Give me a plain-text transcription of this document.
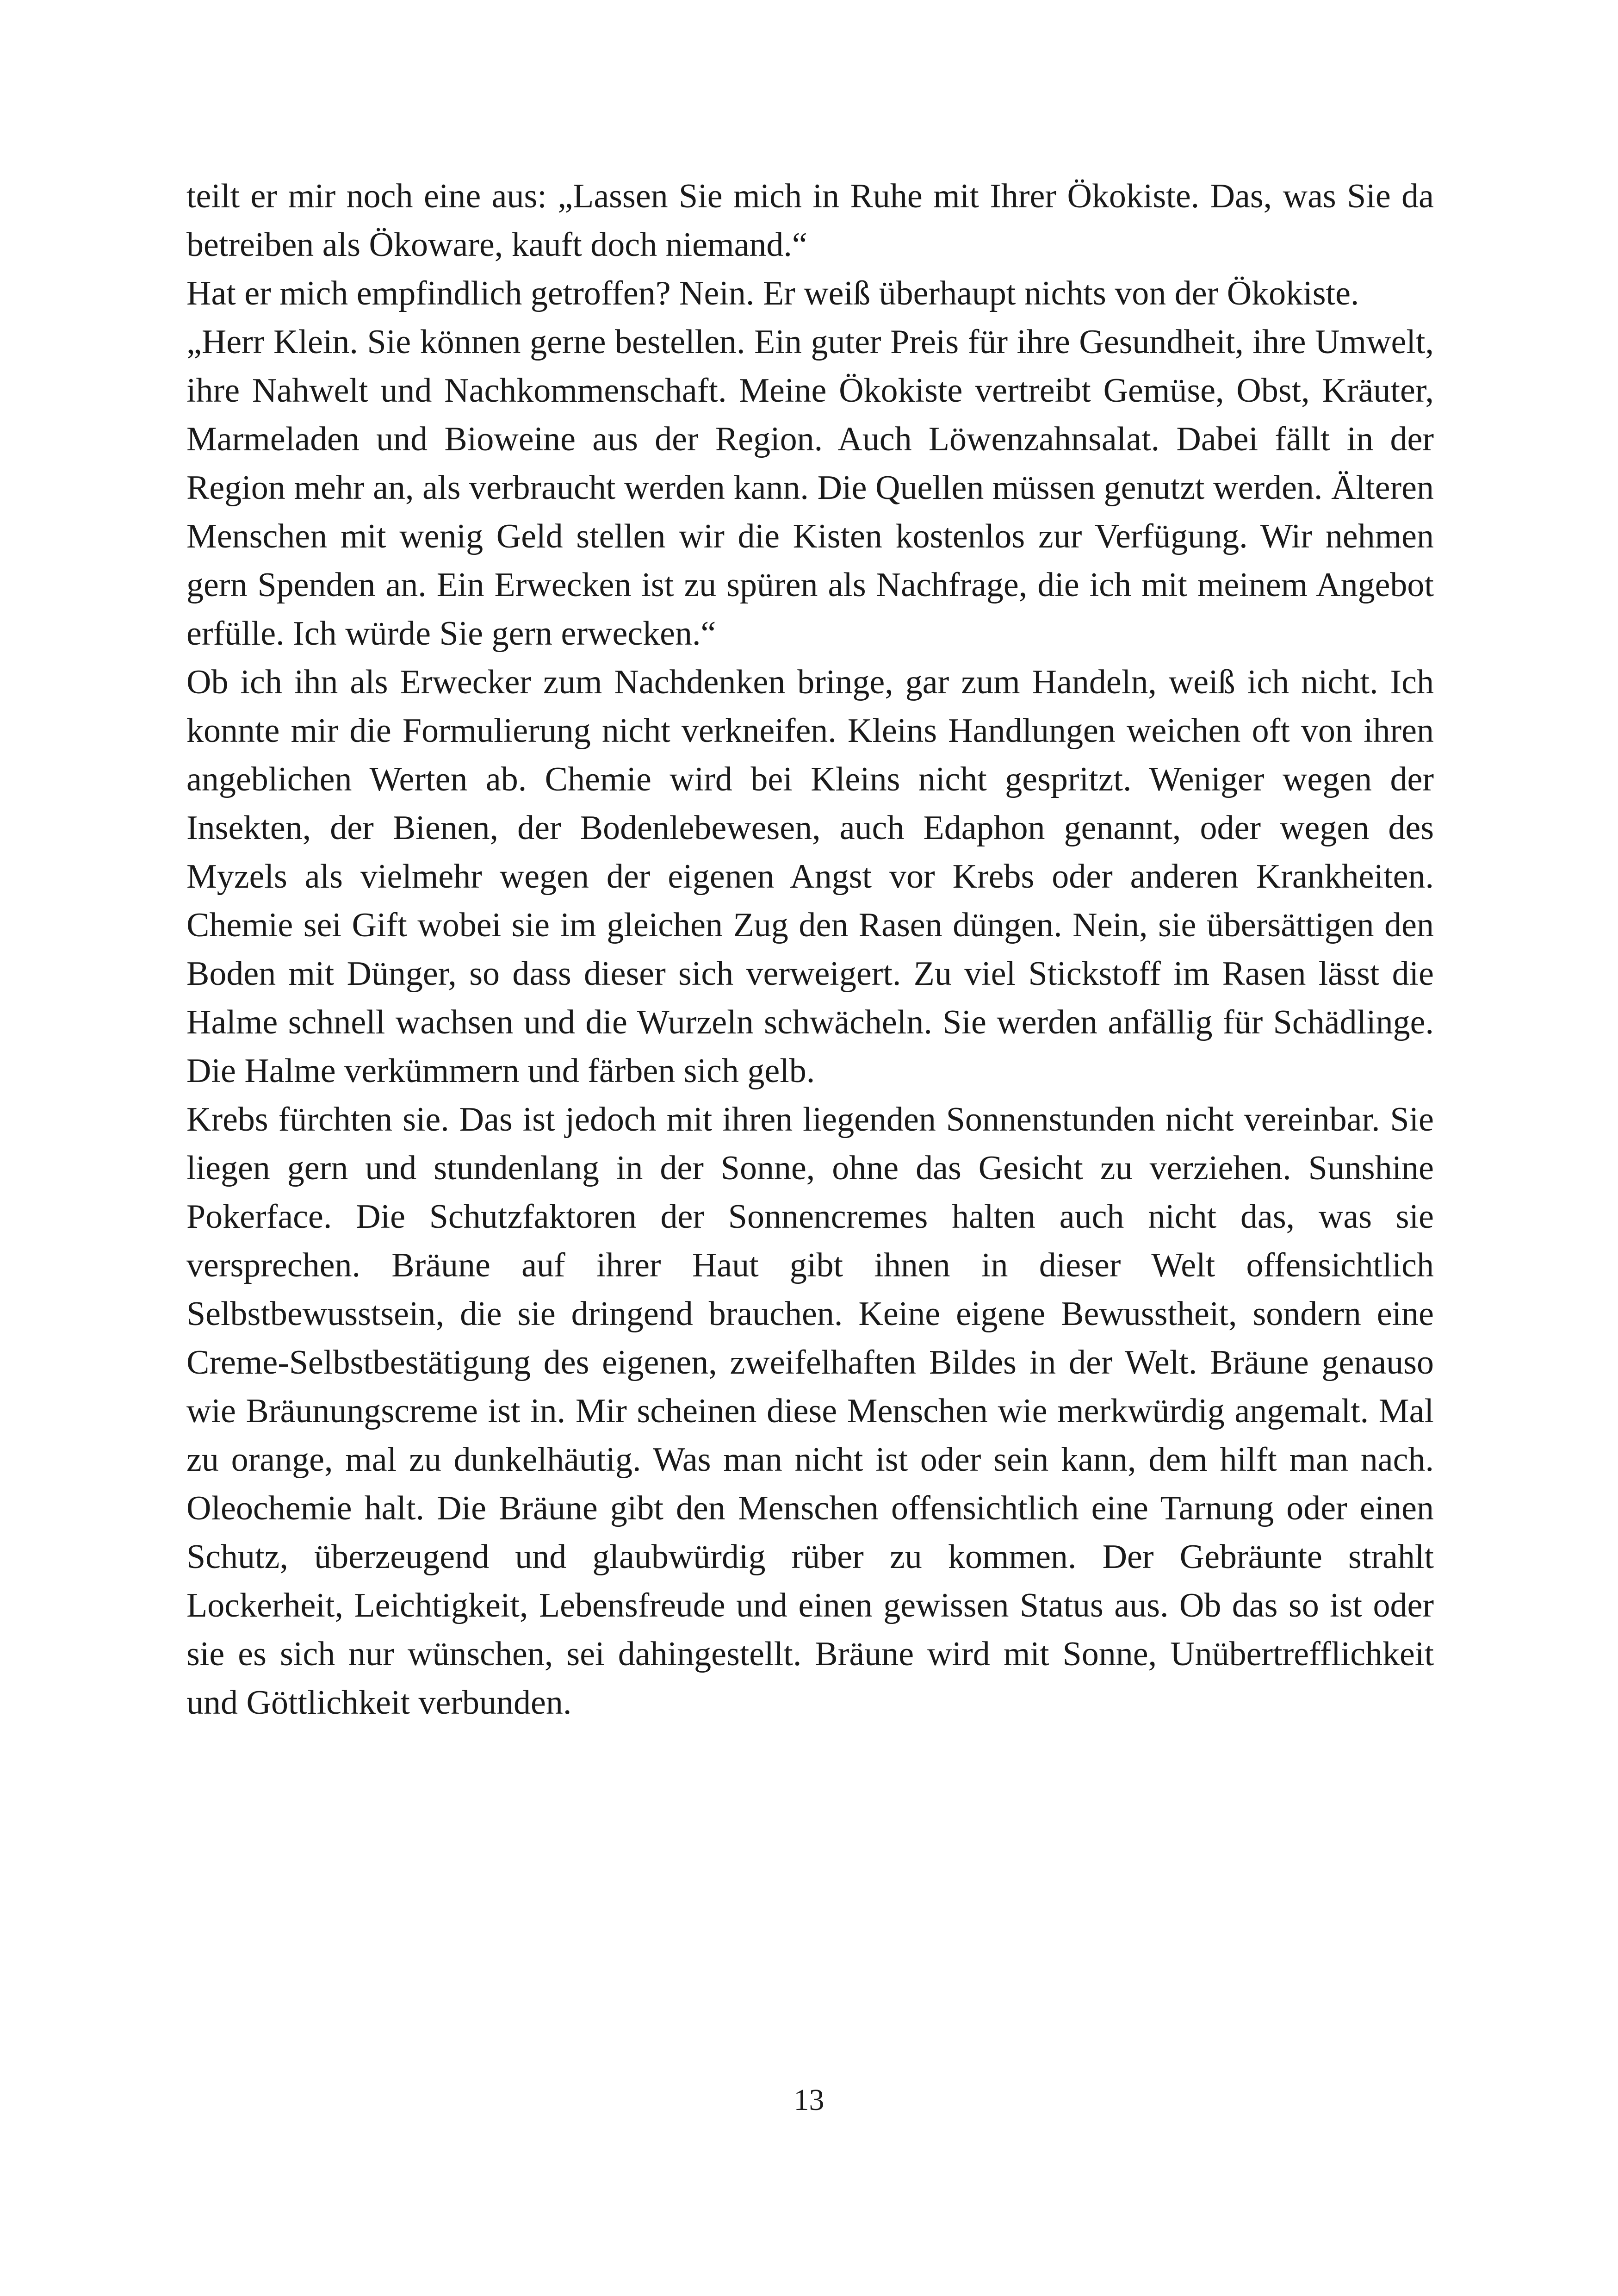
teilt er mir noch eine aus: „Lassen Sie mich in Ruhe mit Ihrer Ökokiste. Das, was Sie da betreiben als Ökoware, kauft doch niemand.“

Hat er mich empfindlich getroffen? Nein. Er weiß überhaupt nichts von der Ökokiste.

„Herr Klein. Sie können gerne bestellen. Ein guter Preis für ihre Gesundheit, ihre Umwelt, ihre Nahwelt und Nachkommenschaft. Meine Ökokiste vertreibt Gemüse, Obst, Kräuter, Marmeladen und Bioweine aus der Region. Auch Löwenzahnsalat. Dabei fällt in der Region mehr an, als verbraucht werden kann. Die Quellen müssen genutzt werden. Älteren Menschen mit wenig Geld stellen wir die Kisten kostenlos zur Verfügung. Wir nehmen gern Spenden an. Ein Erwecken ist zu spüren als Nachfrage, die ich mit meinem Angebot erfülle. Ich würde Sie gern erwecken.“

Ob ich ihn als Erwecker zum Nachdenken bringe, gar zum Handeln, weiß ich nicht. Ich konnte mir die Formulierung nicht verkneifen. Kleins Handlungen weichen oft von ihren angeblichen Werten ab. Chemie wird bei Kleins nicht gespritzt. Weniger wegen der Insekten, der Bienen, der Bodenlebewesen, auch Edaphon genannt, oder wegen des Myzels als vielmehr wegen der eigenen Angst vor Krebs oder anderen Krankheiten. Chemie sei Gift wobei sie im gleichen Zug den Rasen düngen. Nein, sie übersättigen den Boden mit Dünger, so dass dieser sich verweigert. Zu viel Stickstoff im Rasen lässt die Halme schnell wachsen und die Wurzeln schwächeln. Sie werden anfällig für Schädlinge. Die Halme verkümmern und färben sich gelb.

Krebs fürchten sie. Das ist jedoch mit ihren liegenden Sonnenstunden nicht vereinbar. Sie liegen gern und stundenlang in der Sonne, ohne das Gesicht zu verziehen. Sunshine Pokerface. Die Schutzfaktoren der Sonnencremes halten auch nicht das, was sie versprechen. Bräune auf ihrer Haut gibt ihnen in dieser Welt offensichtlich Selbstbewusstsein, die sie dringend brauchen. Keine eigene Bewusstheit, sondern eine Creme-Selbstbestätigung des eigenen, zweifelhaften Bildes in der Welt. Bräune genauso wie Bräunungscreme ist in. Mir scheinen diese Menschen wie merkwürdig angemalt. Mal zu orange, mal zu dunkelhäutig. Was man nicht ist oder sein kann, dem hilft man nach. Oleochemie halt. Die Bräune gibt den Menschen offensichtlich eine Tarnung oder einen Schutz, überzeugend und glaubwürdig rüber zu kommen. Der Gebräunte strahlt Lockerheit, Leichtigkeit, Lebensfreude und einen gewissen Status aus. Ob das so ist oder sie es sich nur wünschen, sei dahingestellt. Bräune wird mit Sonne, Unübertrefflichkeit und Göttlichkeit verbunden.

13
